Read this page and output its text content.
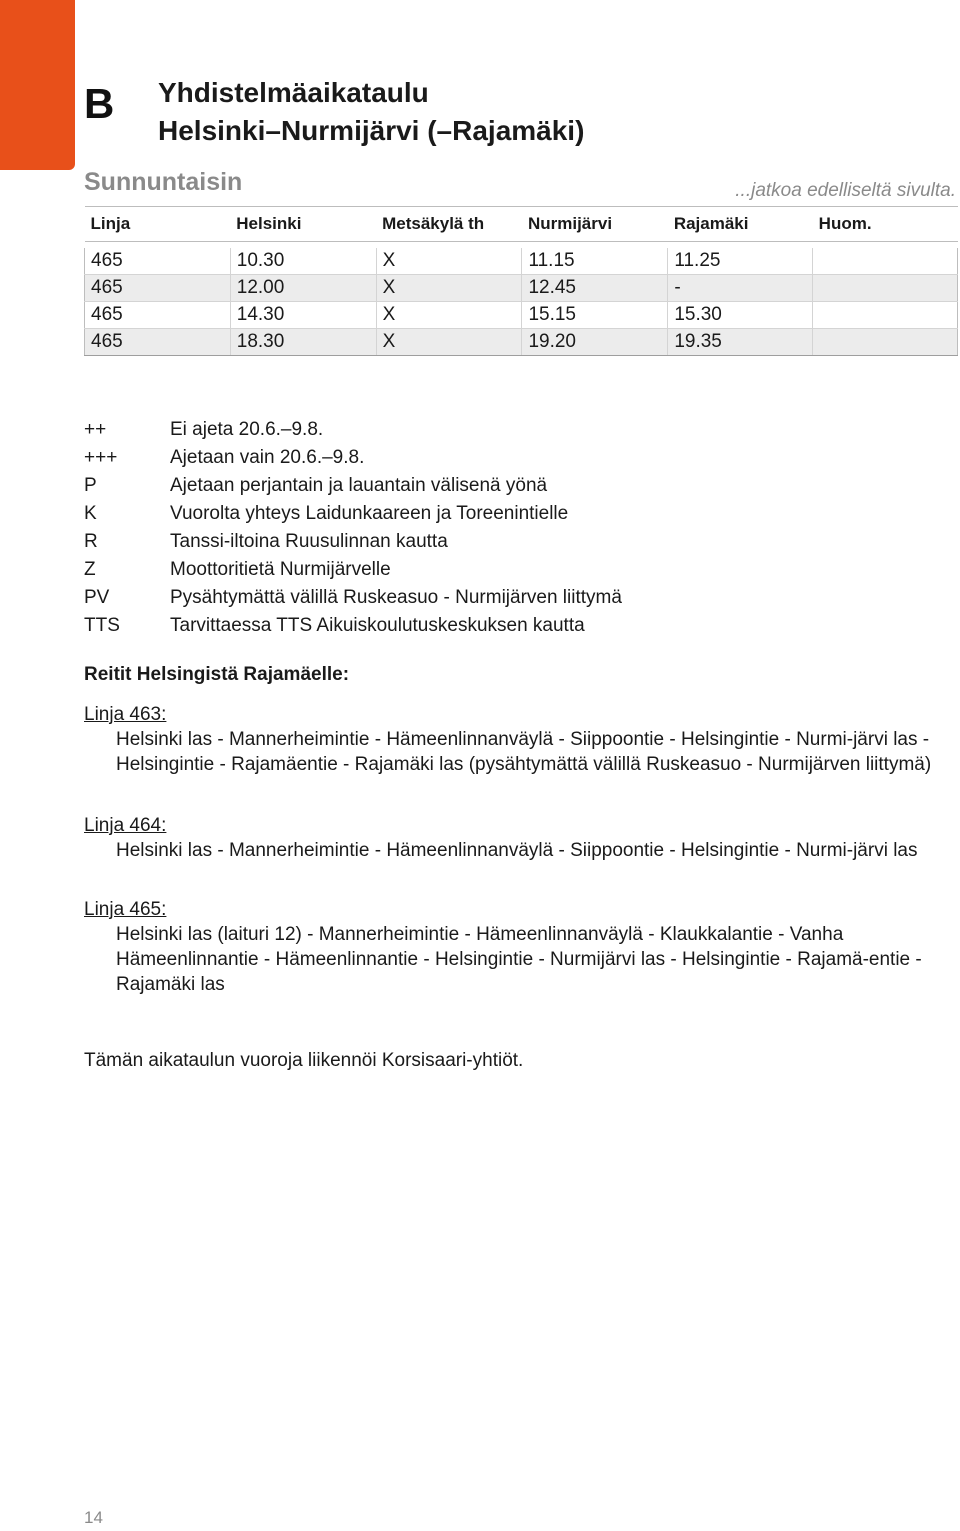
B Yhdistelmäaikataulu
Helsinki–Nurmijärvi (–Rajamäki)
Sunnuntaisin	...jatkoa edelliseltä sivulta.
Linja	Helsinki	Metsäkylä th	Nurmijärvi	Rajamäki	Huom.

465	10.30	X	11.15	11.25	
465	12.00	X	12.45	-	
465	14.30	X	15.15	15.30	
465	18.30	X	19.20	19.35	
++	Ei ajeta 20.6.–9.8.
+++	Ajetaan vain 20.6.–9.8.
P	Ajetaan perjantain ja lauantain välisenä yönä
K	Vuorolta yhteys Laidunkaareen ja Toreenintielle
R	Tanssi-iltoina Ruusulinnan kautta
Z	Moottoritietä Nurmijärvelle
PV	Pysähtymättä välillä Ruskeasuo - Nurmijärven liittymä
TTS	Tarvittaessa TTS Aikuiskoulutuskeskuksen kautta
Reitit Helsingistä Rajamäelle:
Linja 463:
Helsinki las - Mannerheimintie - Hämeenlinnanväylä - Siippoontie - Helsingintie - Nurmi-järvi las - Helsingintie - Rajamäentie - Rajamäki las (pysähtymättä välillä Ruskeasuo - Nurmijärven liittymä)
Linja 464:
Helsinki las - Mannerheimintie - Hämeenlinnanväylä - Siippoontie - Helsingintie - Nurmi-järvi las
Linja 465:
Helsinki las (laituri 12) - Mannerheimintie - Hämeenlinnanväylä - Klaukkalantie - Vanha Hämeenlinnantie - Hämeenlinnantie - Helsingintie - Nurmijärvi las - Helsingintie - Rajamä-entie - Rajamäki las
Tämän aikataulun vuoroja liikennöi Korsisaari-yhtiöt.
14
